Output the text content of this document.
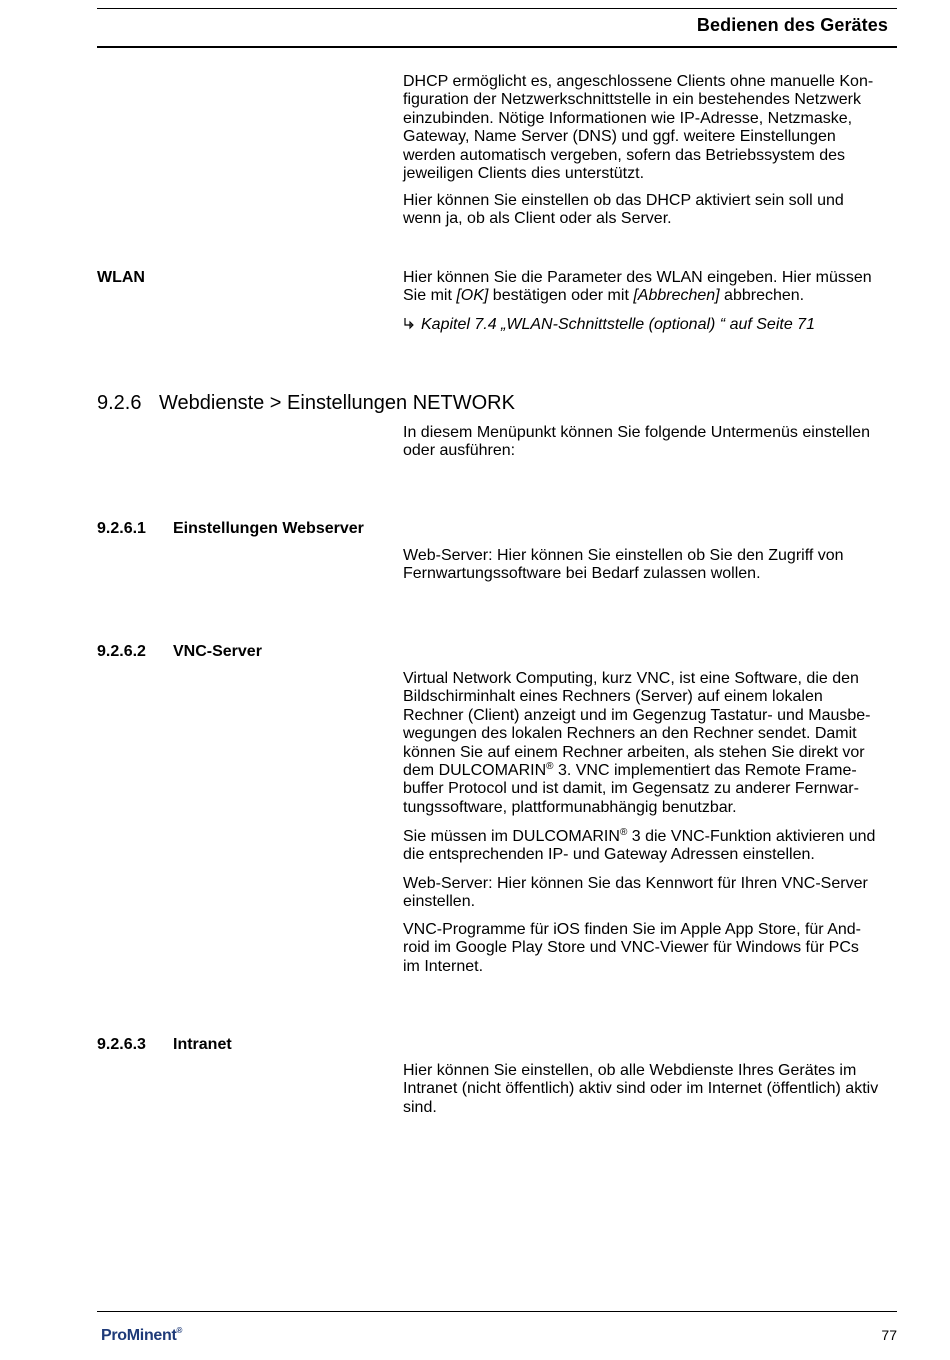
Bedienen des Gerätes

DHCP ermöglicht es, angeschlossene Clients ohne manuelle Kon-
figuration der Netzwerkschnittstelle in ein bestehendes Netzwerk
einzubinden. Nötige Informationen wie IP-Adresse, Netzmaske,
Gateway, Name Server (DNS) und ggf. weitere Einstellungen
werden automatisch vergeben, sofern das Betriebssystem des
jeweiligen Clients dies unterstützt.

Hier können Sie einstellen ob das DHCP aktiviert sein soll und
wenn ja, ob als Client oder als Server.

WLAN	Hier können Sie die Parameter des WLAN eingeben. Hier müssen
Sie mit [OK] bestätigen oder mit [Abbrechen] abbrechen.

Kapitel 7.4 „WLAN-Schnittstelle (optional) “ auf Seite 71

9.2.6 Webdienste > Einstellungen NETWORK

In diesem Menüpunkt können Sie folgende Untermenüs einstellen
oder ausführen:

9.2.6.1 Einstellungen Webserver

Web-Server: Hier können Sie einstellen ob Sie den Zugriff von
Fernwartungssoftware bei Bedarf zulassen wollen.

9.2.6.2 VNC-Server

Virtual Network Computing, kurz VNC, ist eine Software, die den
Bildschirminhalt eines Rechners (Server) auf einem lokalen
Rechner (Client) anzeigt und im Gegenzug Tastatur- und Mausbe-
wegungen des lokalen Rechners an den Rechner sendet. Damit
können Sie auf einem Rechner arbeiten, als stehen Sie direkt vor
dem DULCOMARIN® 3. VNC implementiert das Remote Frame-
buffer Protocol und ist damit, im Gegensatz zu anderer Fernwar-
tungssoftware, plattformunabhängig benutzbar.

Sie müssen im DULCOMARIN® 3 die VNC-Funktion aktivieren und
die entsprechenden IP- und Gateway Adressen einstellen.

Web-Server: Hier können Sie das Kennwort für Ihren VNC-Server
einstellen.

VNC-Programme für iOS finden Sie im Apple App Store, für And-
roid im Google Play Store und VNC-Viewer für Windows für PCs
im Internet.

9.2.6.3 Intranet

Hier können Sie einstellen, ob alle Webdienste Ihres Gerätes im
Intranet (nicht öffentlich) aktiv sind oder im Internet (öffentlich) aktiv
sind.

ProMinent®	77
